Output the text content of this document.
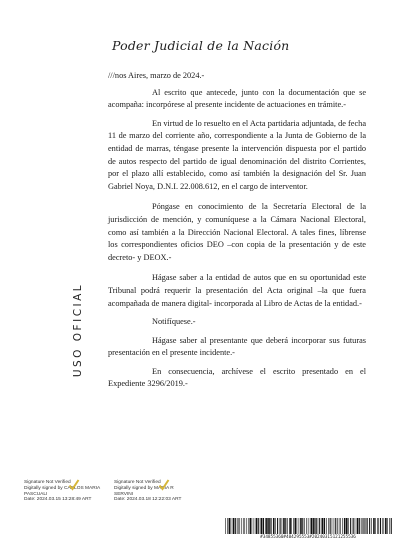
Poder Judicial de la Nación
USO OFICIAL

///nos Aires, marzo de 2024.-

Al escrito que antecede, junto con la documentación que se acompaña: incorpórese al presente incidente de actuaciones en trámite.-

En virtud de lo resuelto en el Acta partidaria adjuntada, de fecha 11 de marzo del corriente año, correspondiente a la Junta de Gobierno de la entidad de marras, téngase presente la intervención dispuesta por el partido de autos respecto del partido de igual denominación del distrito Corrientes, por el plazo allí establecido, como así también la designación del Sr. Juan Gabriel Noya, D.N.I. 22.008.612, en el cargo de interventor.

Póngase en conocimiento de la Secretaría Electoral de la jurisdicción de mención, y comuníquese a la Cámara Nacional Electoral, como así también a la Dirección Nacional Electoral. A tales fines, líbrense los correspondientes oficios DEO –con copia de la presentación y de este decreto- y DEOX.-

Hágase saber a la entidad de autos que en su oportunidad este Tribunal podrá requerir la presentación del Acta original –la que fuera acompañada de manera digital- incorporada al Libro de Actas de la entidad.-

Notifíquese.-

Hágase saber al presentante que deberá incorporar sus futuras presentación en el presente incidente.-

En consecuencia, archívese el escrito presentado en el Expediente 3296/2019.-

Signature Not Verified
Digitally signed by CARLOS MARIA
PASCUALI
Date: 2024.03.15 13:28:49 ART
Signature Not Verified
Digitally signed by MARIA R
SERVINI
Date: 2024.03.18 12:22:03 ART
#34855360#404295553#20240315121255536
